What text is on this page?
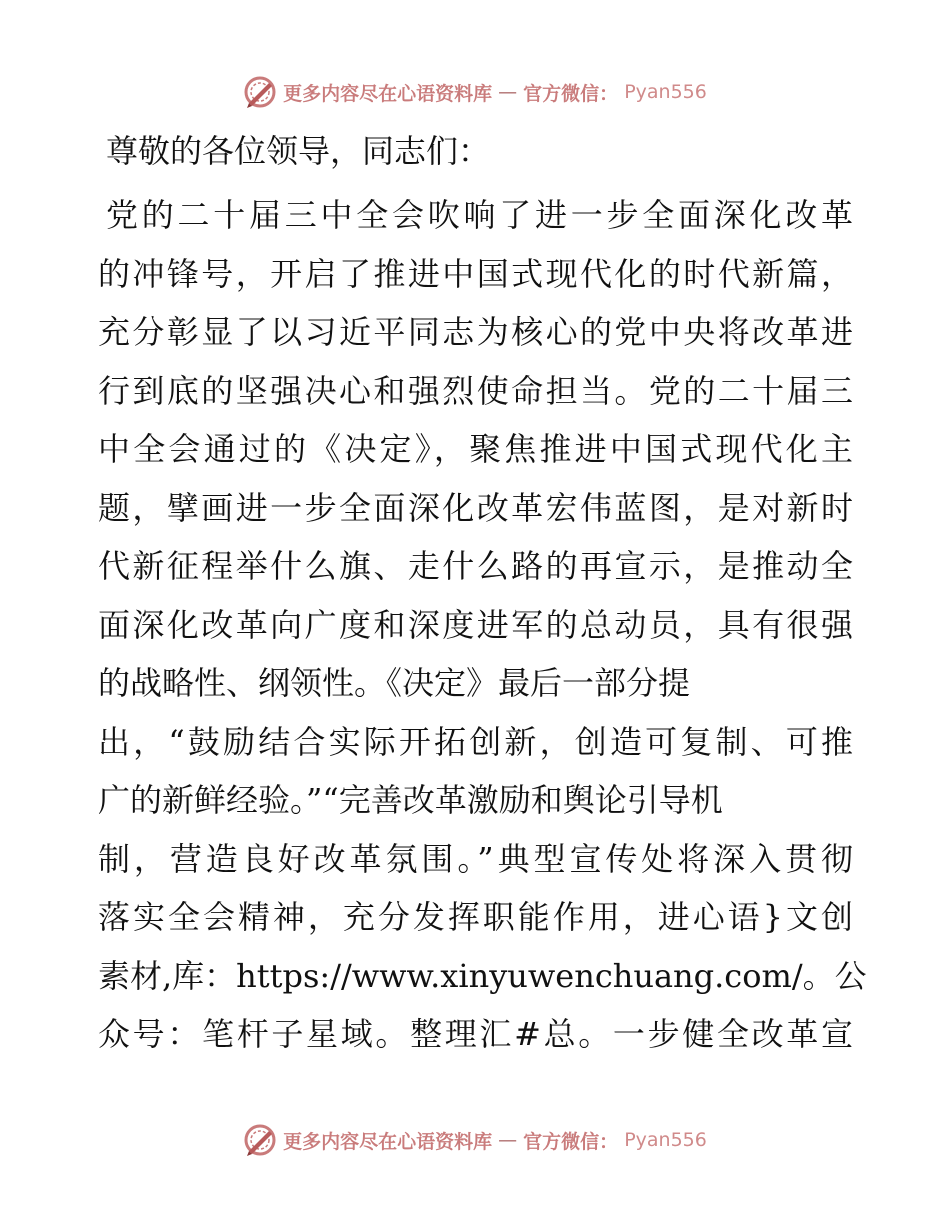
更多内容尽在心语资料库 — 官方微信： Pyan556
尊敬的各位领导，同志们：
党的二十届三中全会吹响了进一步全面深化改革
的冲锋号，开启了推进中国式现代化的时代新篇，
充分彰显了以习近平同志为核心的党中央将改革进
行到底的坚强决心和强烈使命担当。党的二十届三
中全会通过的《决定》，聚焦推进中国式现代化主
题，擘画进一步全面深化改革宏伟蓝图，是对新时
代新征程举什么旗、走什么路的再宣示，是推动全
面深化改革向广度和深度进军的总动员，具有很强
的战略性、纲领性。《决定》最后一部分提
出，“鼓励结合实际开拓创新，创造可复制、可推
广的新鲜经验。”“完善改革激励和舆论引导机
制，营造良好改革氛围。”典型宣传处将深入贯彻
落实全会精神，充分发挥职能作用，进心语}文创
素材,库：https://www.xinyuwenchuang.com/。公
众号：笔杆子星域。整理汇#总。一步健全改革宣
更多内容尽在心语资料库 — 官方微信： Pyan556
